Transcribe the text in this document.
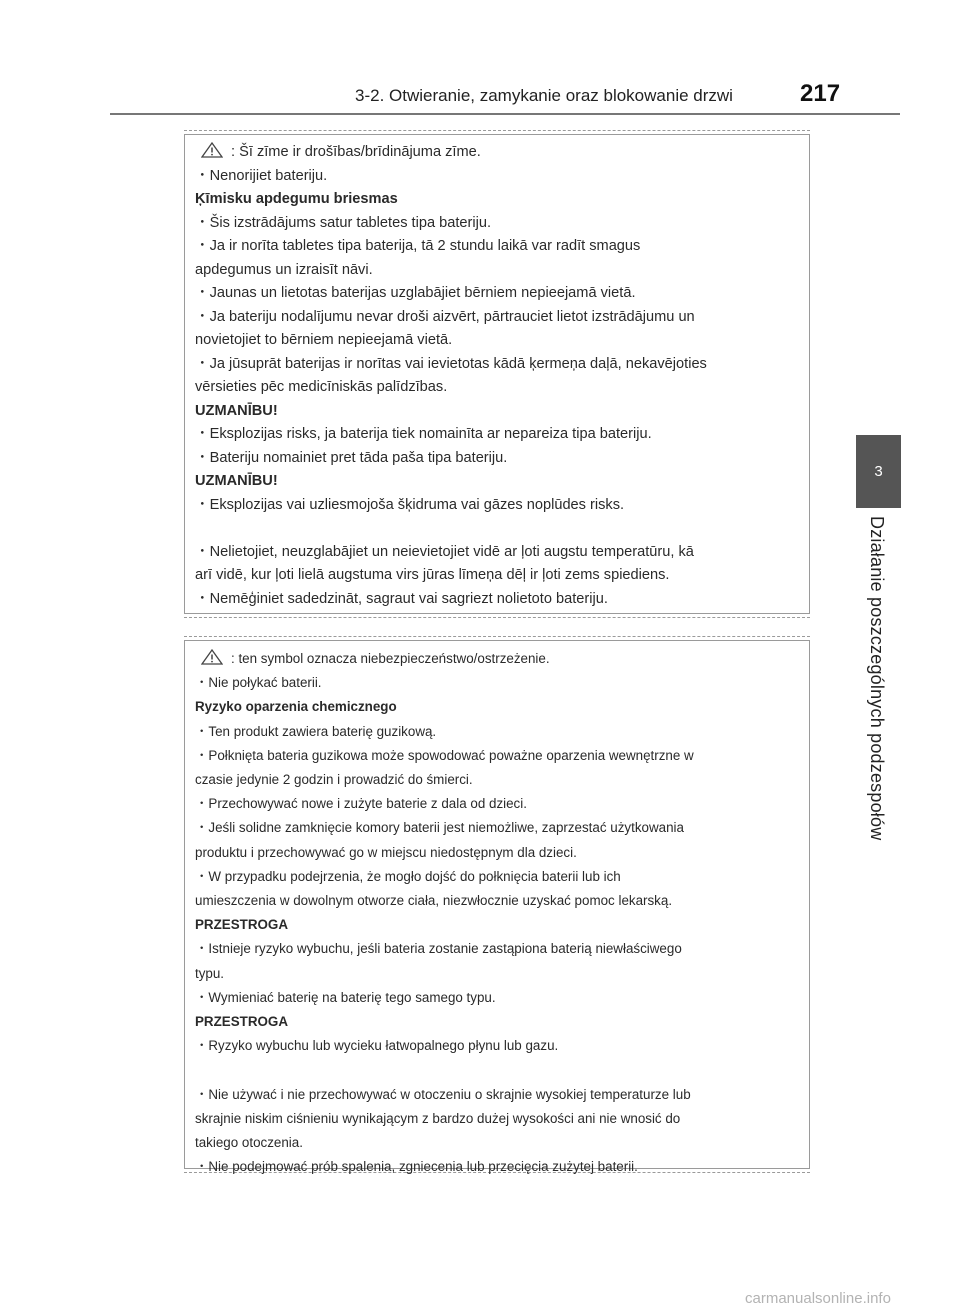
3-2. Otwieranie, zamykanie oraz blokowanie drzwi	217
3
Działanie poszczególnych podzespołów
: Šī zīme ir drošības/brīdinājuma zīme.
・Nenorijiet bateriju.
Ķīmisku apdegumu briesmas
・Šis izstrādājums satur tabletes tipa bateriju.
・Ja ir norīta tabletes tipa baterija, tā 2 stundu laikā var radīt smagus
apdegumus un izraisīt nāvi.
・Jaunas un lietotas baterijas uzglabājiet bērniem nepieejamā vietā.
・Ja bateriju nodalījumu nevar droši aizvērt, pārtrauciet lietot izstrādājumu un
novietojiet to bērniem nepieejamā vietā.
・Ja jūsuprāt baterijas ir norītas vai ievietotas kādā ķermeņa daļā, nekavējoties
vērsieties pēc medicīniskās palīdzības.
UZMANĪBU!
・Eksplozijas risks, ja baterija tiek nomainīta ar nepareiza tipa bateriju.
・Bateriju nomainiet pret tāda paša tipa bateriju.
UZMANĪBU!
・Eksplozijas vai uzliesmojoša šķidruma vai gāzes noplūdes risks.
・Nelietojiet, neuzglabājiet un neievietojiet vidē ar ļoti augstu temperatūru, kā
arī vidē, kur ļoti lielā augstuma virs jūras līmeņa dēļ ir ļoti zems spiediens.
・Nemēģiniet sadedzināt, sagraut vai sagriezt nolietoto bateriju.
: ten symbol oznacza niebezpieczeństwo/ostrzeżenie.
・Nie połykać baterii.
Ryzyko oparzenia chemicznego
・Ten produkt zawiera baterię guzikową.
・Połknięta bateria guzikowa może spowodować poważne oparzenia wewnętrzne w
czasie jedynie 2 godzin i prowadzić do śmierci.
・Przechowywać nowe i zużyte baterie z dala od dzieci.
・Jeśli solidne zamknięcie komory baterii jest niemożliwe, zaprzestać użytkowania
produktu i przechowywać go w miejscu niedostępnym dla dzieci.
・W przypadku podejrzenia, że mogło dojść do połknięcia baterii lub ich
umieszczenia w dowolnym otworze ciała, niezwłocznie uzyskać pomoc lekarską.
PRZESTROGA
・Istnieje ryzyko wybuchu, jeśli bateria zostanie zastąpiona baterią niewłaściwego
typu.
・Wymieniać baterię na baterię tego samego typu.
PRZESTROGA
・Ryzyko wybuchu lub wycieku łatwopalnego płynu lub gazu.
・Nie używać i nie przechowywać w otoczeniu o skrajnie wysokiej temperaturze lub
skrajnie niskim ciśnieniu wynikającym z bardzo dużej wysokości ani nie wnosić do
takiego otoczenia.
・Nie podejmować prób spalenia, zgniecenia lub przecięcia zużytej baterii.
carmanualsonline.info
